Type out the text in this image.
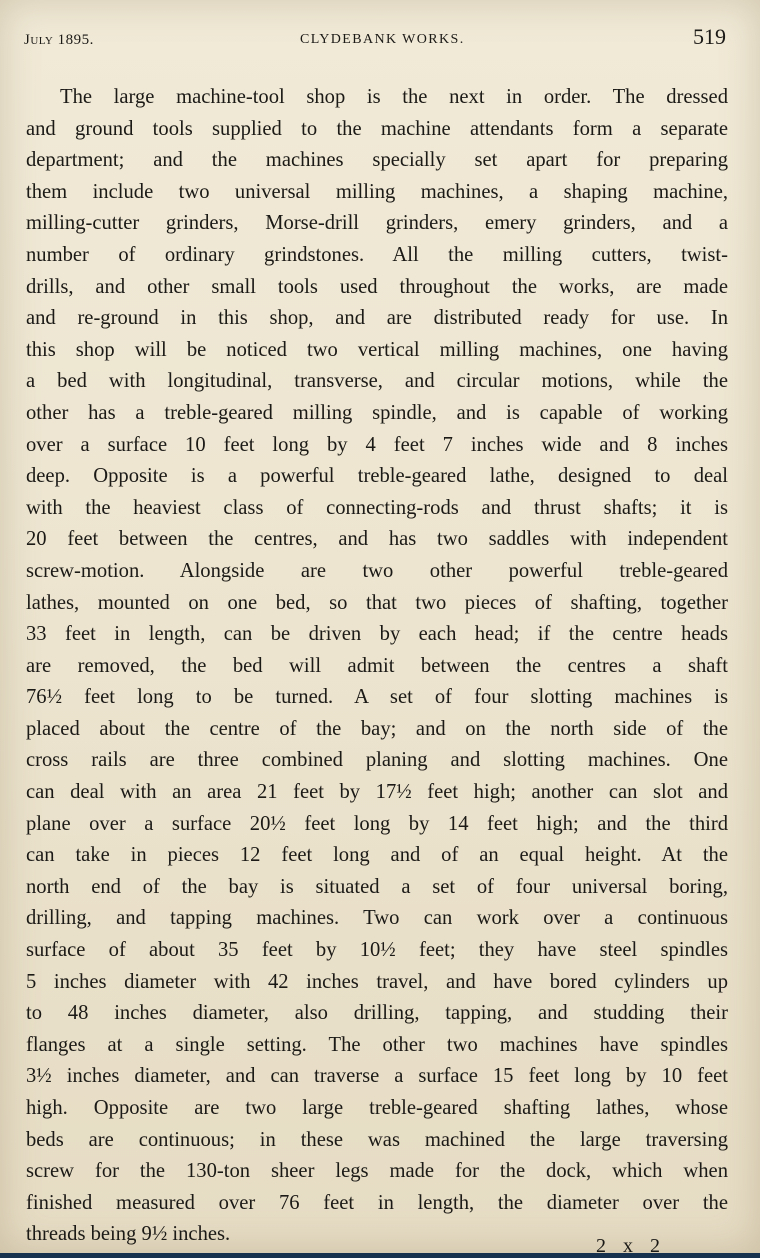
July 1895.	CLYDEBANK WORKS.	519
The large machine-tool shop is the next in order. The dressed
and ground tools supplied to the machine attendants form a separate
department; and the machines specially set apart for preparing
them include two universal milling machines, a shaping machine,
milling-cutter grinders, Morse-drill grinders, emery grinders, and a
number of ordinary grindstones. All the milling cutters, twist-
drills, and other small tools used throughout the works, are made
and re-ground in this shop, and are distributed ready for use. In
this shop will be noticed two vertical milling machines, one having
a bed with longitudinal, transverse, and circular motions, while the
other has a treble-geared milling spindle, and is capable of working
over a surface 10 feet long by 4 feet 7 inches wide and 8 inches
deep. Opposite is a powerful treble-geared lathe, designed to deal
with the heaviest class of connecting-rods and thrust shafts; it is
20 feet between the centres, and has two saddles with independent
screw-motion. Alongside are two other powerful treble-geared
lathes, mounted on one bed, so that two pieces of shafting, together
33 feet in length, can be driven by each head; if the centre heads
are removed, the bed will admit between the centres a shaft
76½ feet long to be turned. A set of four slotting machines is
placed about the centre of the bay; and on the north side of the
cross rails are three combined planing and slotting machines. One
can deal with an area 21 feet by 17½ feet high; another can slot and
plane over a surface 20½ feet long by 14 feet high; and the third
can take in pieces 12 feet long and of an equal height. At the
north end of the bay is situated a set of four universal boring,
drilling, and tapping machines. Two can work over a continuous
surface of about 35 feet by 10½ feet; they have steel spindles
5 inches diameter with 42 inches travel, and have bored cylinders up
to 48 inches diameter, also drilling, tapping, and studding their
flanges at a single setting. The other two machines have spindles
3½ inches diameter, and can traverse a surface 15 feet long by 10 feet
high. Opposite are two large treble-geared shafting lathes, whose
beds are continuous; in these was machined the large traversing
screw for the 130-ton sheer legs made for the dock, which when
finished measured over 76 feet in length, the diameter over the
threads being 9½ inches.
2 x 2
